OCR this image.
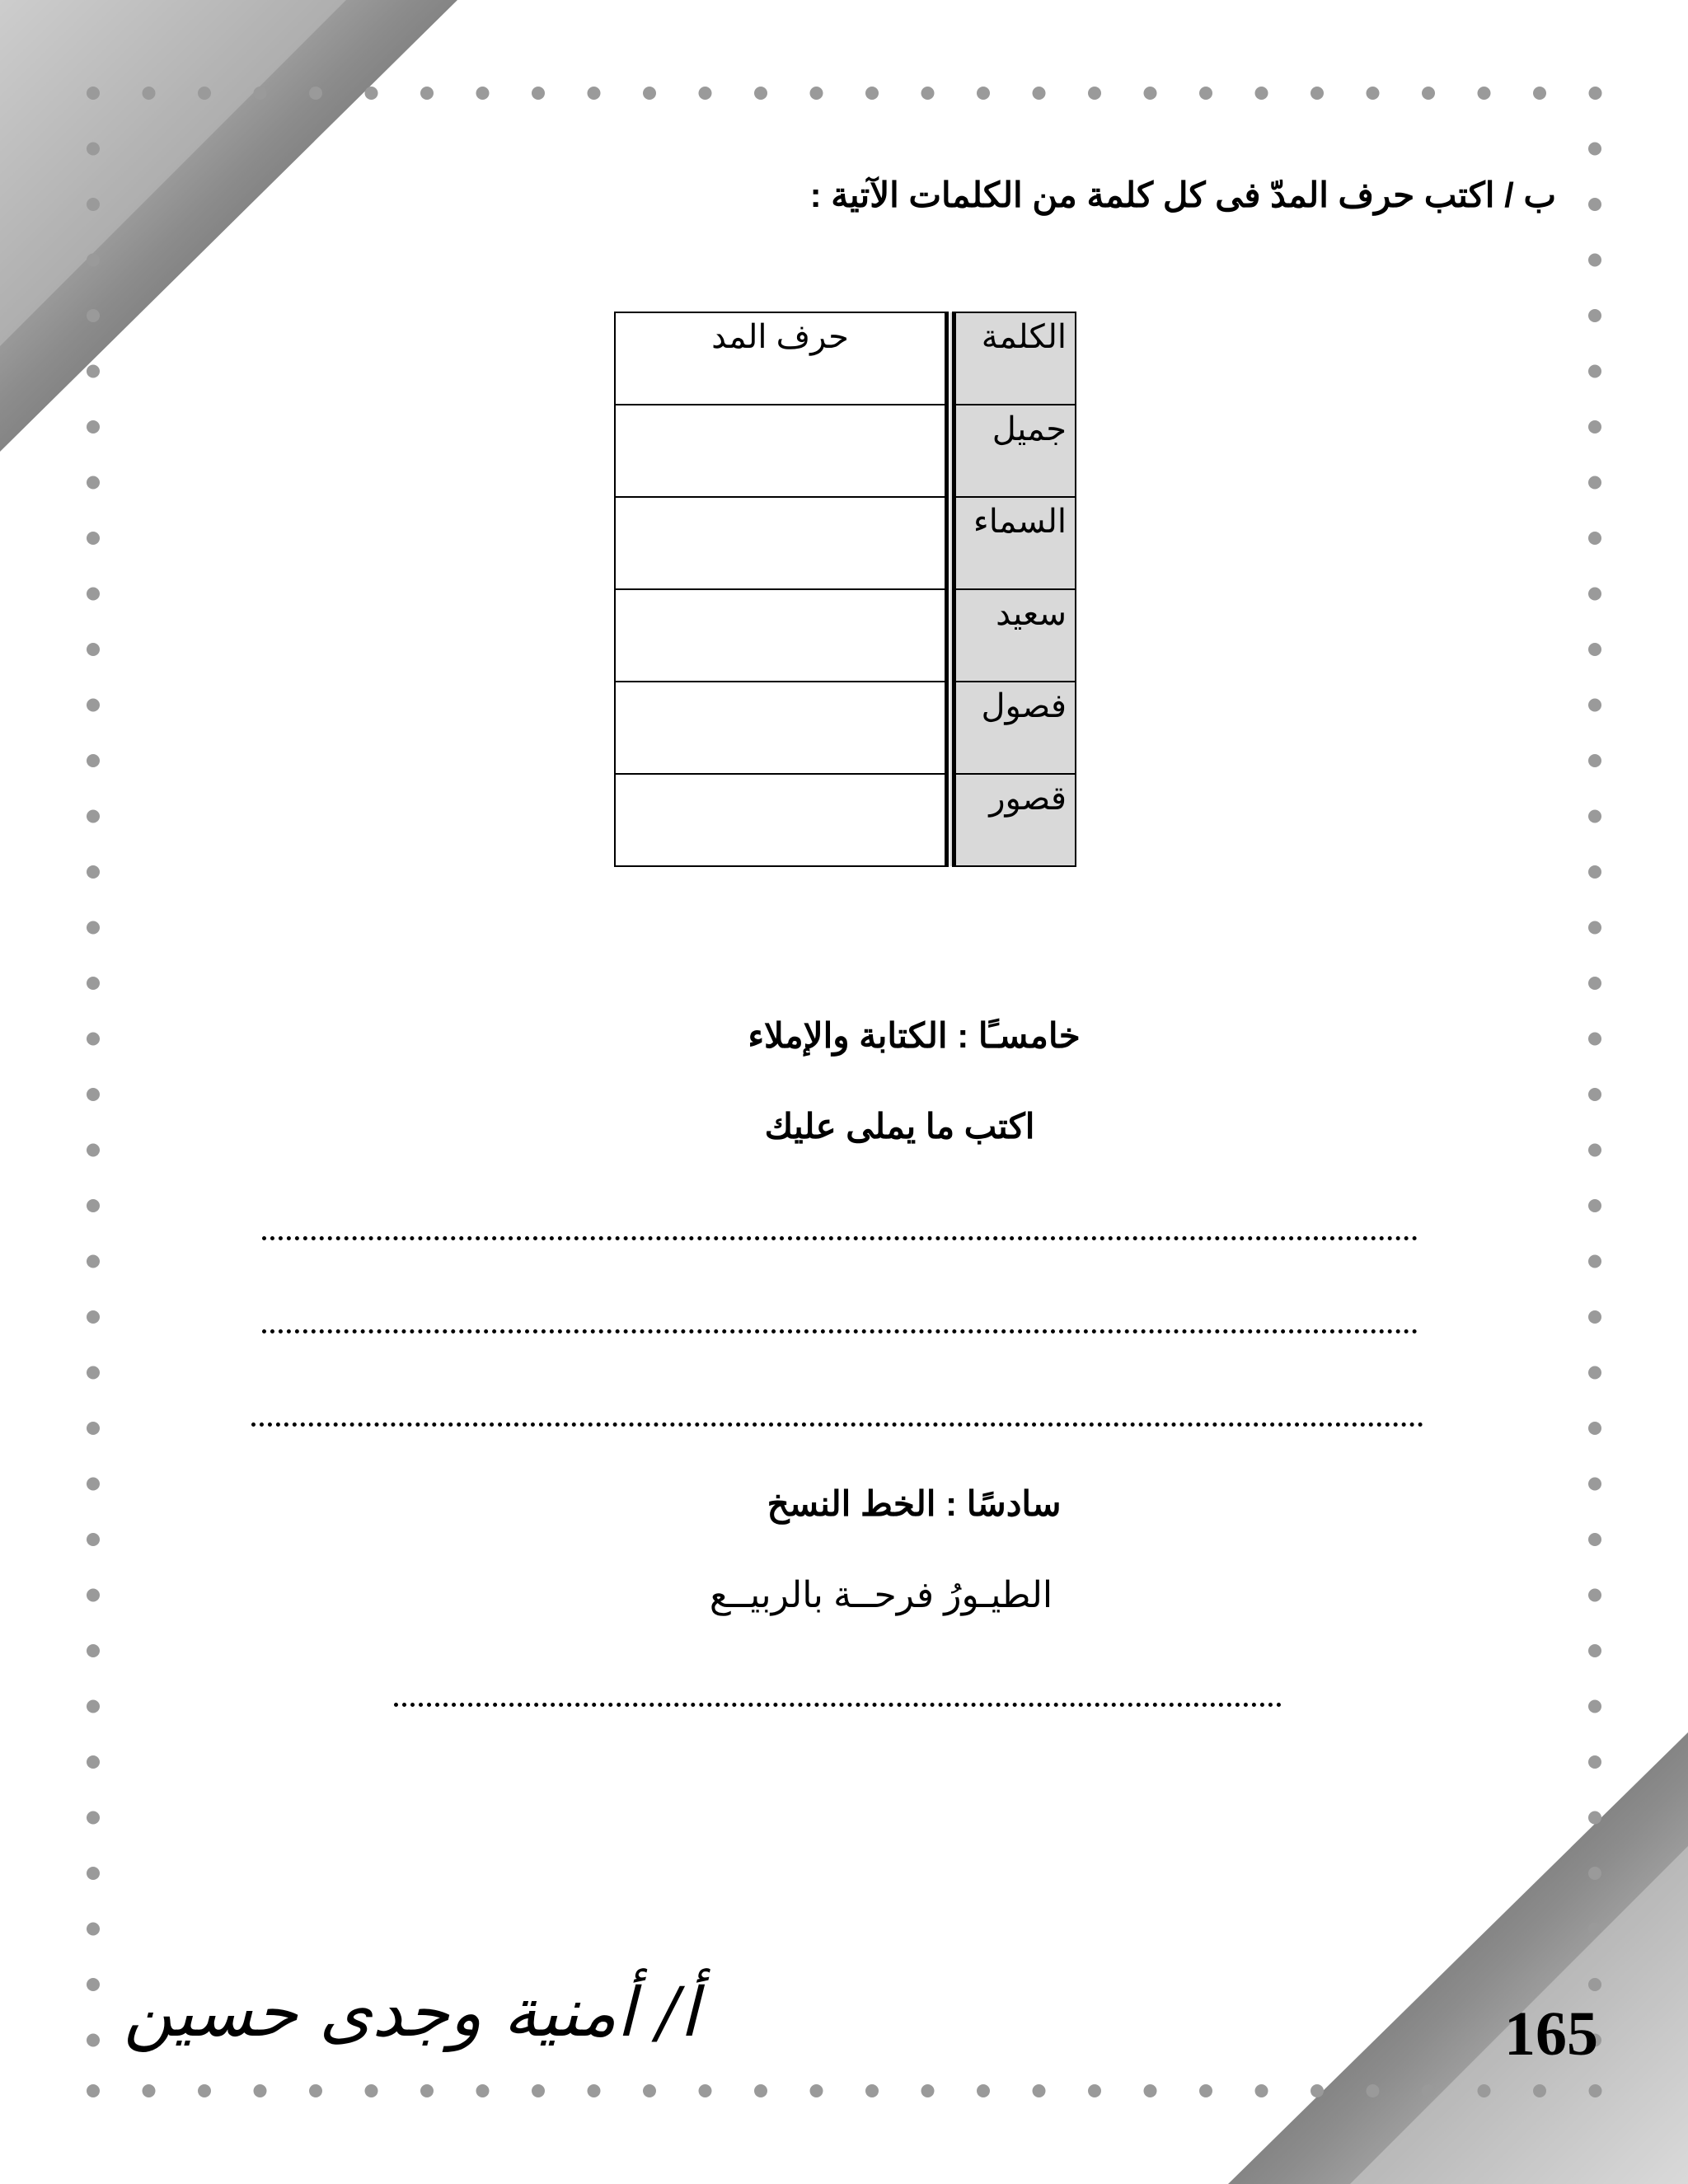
ب / اكتب حرف المدّ فى كل كلمة من الكلمات الآتية :
الكلمة	حرف المد
جميل	
السماء	
سعيد	
فصول	
قصور	
خامسـًا : الكتابة والإملاء
اكتب ما يملى عليك
سادسًا : الخط النسخ
الطيـورُ فرحــة بالربيــع
أ/ أمنية وجدى حسين	165
